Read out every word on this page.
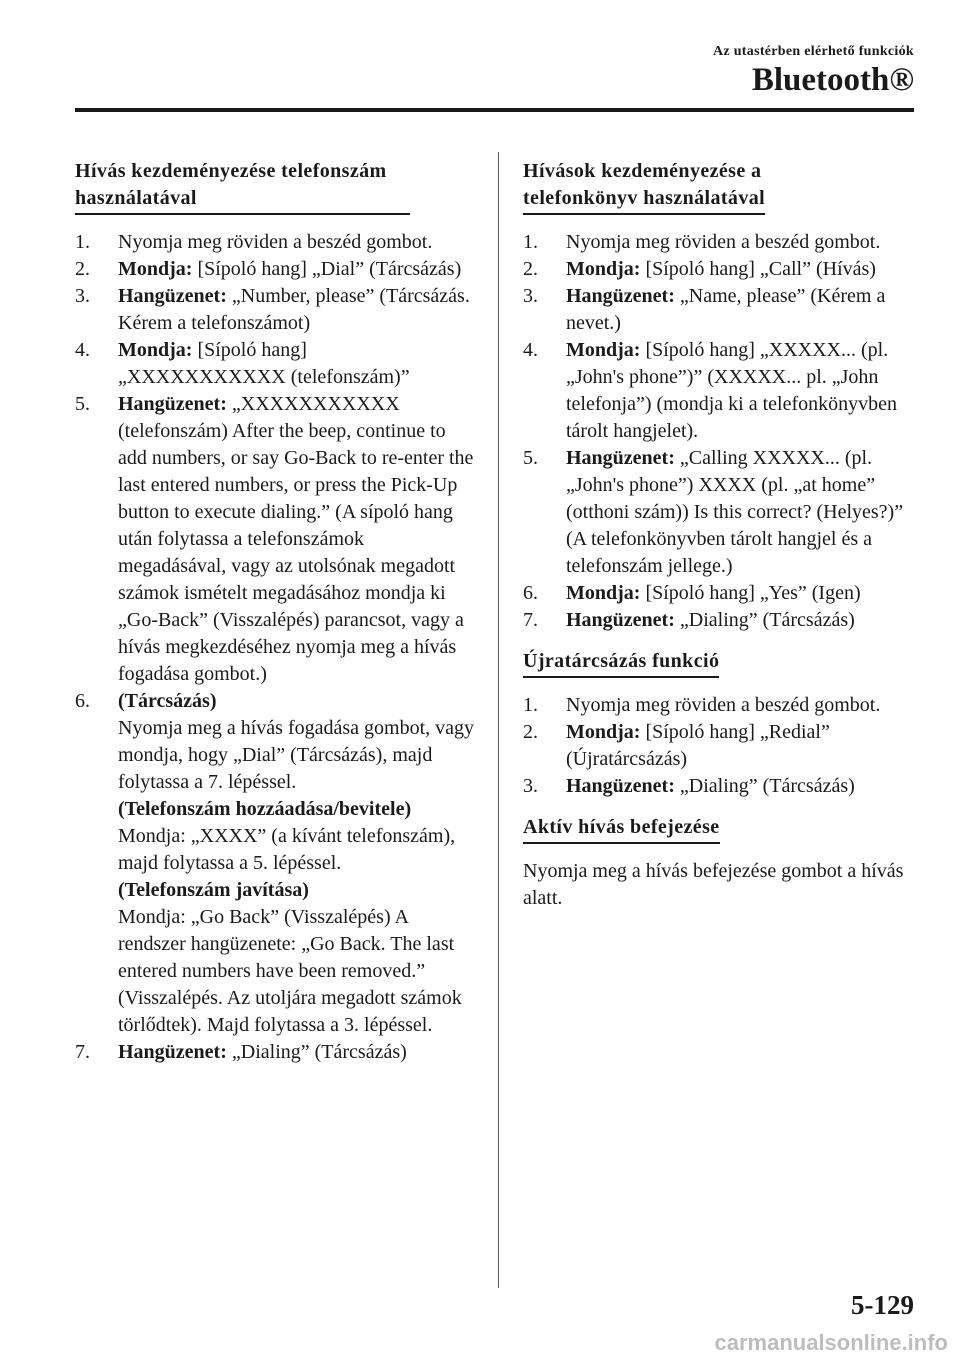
Az utastérben elérhető funkciók
Bluetooth®
Hívás kezdeményezése telefonszám használatával
1. Nyomja meg röviden a beszéd gombot.
2. Mondja: [Sípoló hang] „Dial” (Tárcsázás)
3. Hangüzenet: „Number, please” (Tárcsázás. Kérem a telefonszámot)
4. Mondja: [Sípoló hang] „XXXXXXXXXXX (telefonszám)”
5. Hangüzenet: „XXXXXXXXXXX (telefonszám) After the beep, continue to add numbers, or say Go-Back to re-enter the last entered numbers, or press the Pick-Up button to execute dialing.” (A sípoló hang után folytassa a telefonszámok megadásával, vagy az utolsónak megadott számok ismételt megadásához mondja ki „Go-Back” (Visszalépés) parancsot, vagy a hívás megkezdéséhez nyomja meg a hívás fogadása gombot.)
6. (Tárcsázás)
Nyomja meg a hívás fogadása gombot, vagy mondja, hogy „Dial” (Tárcsázás), majd folytassa a 7. lépéssel.
(Telefonszám hozzáadása/bevitele)
Mondja: „XXXX” (a kívánt telefonszám), majd folytassa a 5. lépéssel.
(Telefonszám javítása)
Mondja: „Go Back” (Visszalépés) A rendszer hangüzenete: „Go Back. The last entered numbers have been removed.” (Visszalépés. Az utoljára megadott számok törlődtek). Majd folytassa a 3. lépéssel.
7. Hangüzenet: „Dialing” (Tárcsázás)
Hívások kezdeményezése a
telefonkönyv használatával
1. Nyomja meg röviden a beszéd gombot.
2. Mondja: [Sípoló hang] „Call” (Hívás)
3. Hangüzenet: „Name, please” (Kérem a nevet.)
4. Mondja: [Sípoló hang] „XXXXX... (pl. „John's phone”)” (XXXXX... pl. „John telefonja”) (mondja ki a telefonkönyvben tárolt hangjelet).
5. Hangüzenet: „Calling XXXXX... (pl. „John's phone”) XXXX (pl. „at home” (otthoni szám)) Is this correct? (Helyes?)” (A telefonkönyvben tárolt hangjel és a telefonszám jellege.)
6. Mondja: [Sípoló hang] „Yes” (Igen)
7. Hangüzenet: „Dialing” (Tárcsázás)
Újratárcsázás funkció
1. Nyomja meg röviden a beszéd gombot.
2. Mondja: [Sípoló hang] „Redial” (Újratárcsázás)
3. Hangüzenet: „Dialing” (Tárcsázás)
Aktív hívás befejezése

Nyomja meg a hívás befejezése gombot a hívás alatt.

5-129
carmanualsonline.info
